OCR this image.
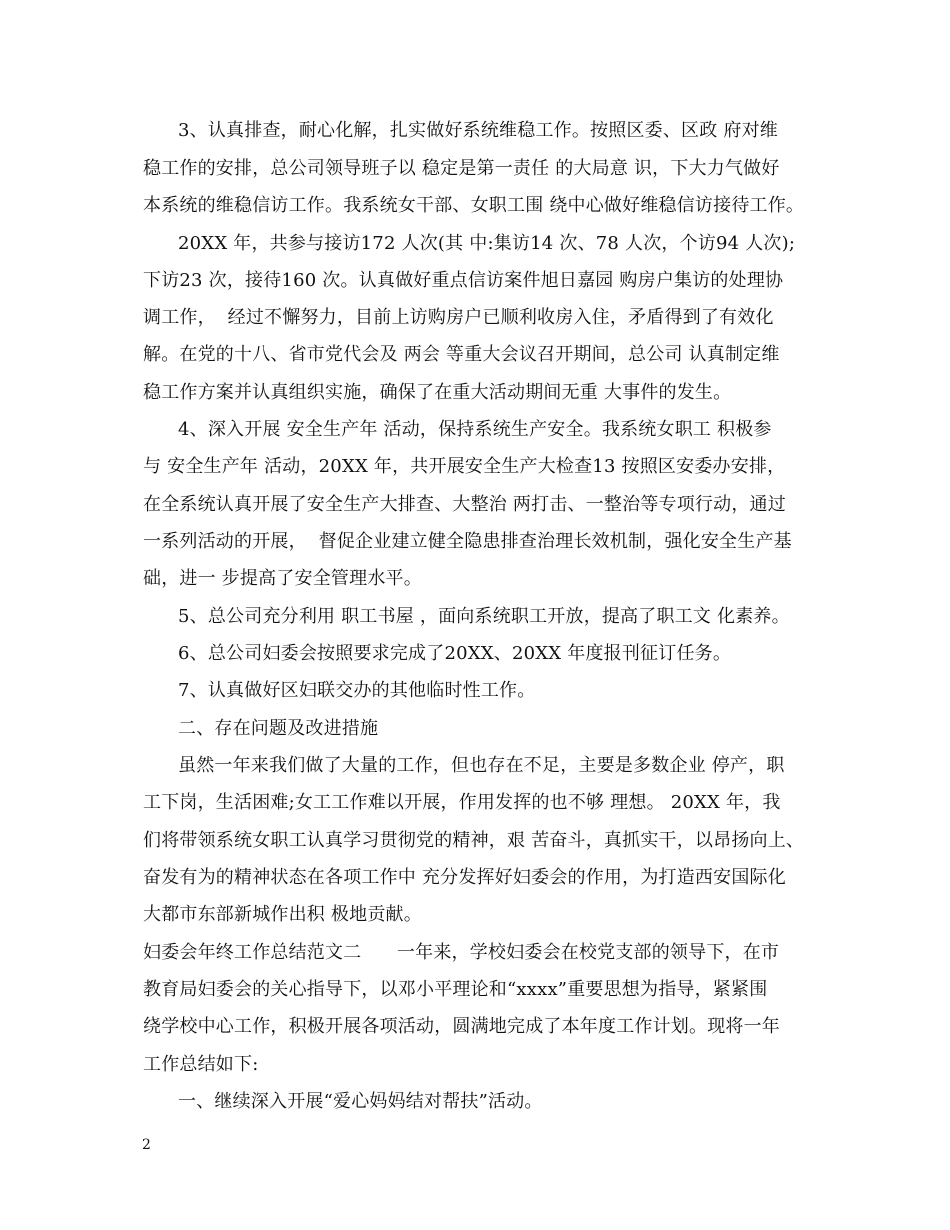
3、认真排查，耐心化解，扎实做好系统维稳工作。按照区委、区政 府对维
稳工作的安排，总公司领导班子以 稳定是第一责任 的大局意 识，下大力气做好
本系统的维稳信访工作。我系统女干部、女职工围 绕中心做好维稳信访接待工作。
20XX 年，共参与接访172 人次(其 中:集访14 次、78 人次，个访94 人次);
下访23 次，接待160 次。认真做好重点信访案件旭日嘉园 购房户集访的处理协
调工作，  经过不懈努力，目前上访购房户已顺利收房入住，矛盾得到了有效化
解。在党的十八、省市党代会及 两会 等重大会议召开期间，总公司 认真制定维
稳工作方案并认真组织实施，确保了在重大活动期间无重 大事件的发生。
4、深入开展 安全生产年 活动，保持系统生产安全。我系统女职工 积极参
与 安全生产年 活动，20XX 年，共开展安全生产大检查13 按照区安委办安排，
在全系统认真开展了安全生产大排查、大整治 两打击、一整治等专项行动，通过
一系列活动的开展，  督促企业建立健全隐患排查治理长效机制，强化安全生产基
础，进一 步提高了安全管理水平。
5、总公司充分利用 职工书屋 ，面向系统职工开放，提高了职工文 化素养。
6、总公司妇委会按照要求完成了20XX、20XX 年度报刊征订任务。
7、认真做好区妇联交办的其他临时性工作。
二、存在问题及改进措施
虽然一年来我们做了大量的工作，但也存在不足，主要是多数企业 停产，职
工下岗，生活困难;女工工作难以开展，作用发挥的也不够 理想。 20XX 年，我
们将带领系统女职工认真学习贯彻党的精神，艰 苦奋斗，真抓实干，以昂扬向上、
奋发有为的精神状态在各项工作中 充分发挥好妇委会的作用，为打造西安国际化
大都市东部新城作出积 极地贡献。
妇委会年终工作总结范文二      一年来，学校妇委会在校党支部的领导下，在市
教育局妇委会的关心指导下，以邓小平理论和“xxxx”重要思想为指导，紧紧围
绕学校中心工作，积极开展各项活动，圆满地完成了本年度工作计划。现将一年
工作总结如下:
一、继续深入开展“爱心妈妈结对帮扶”活动。
2
